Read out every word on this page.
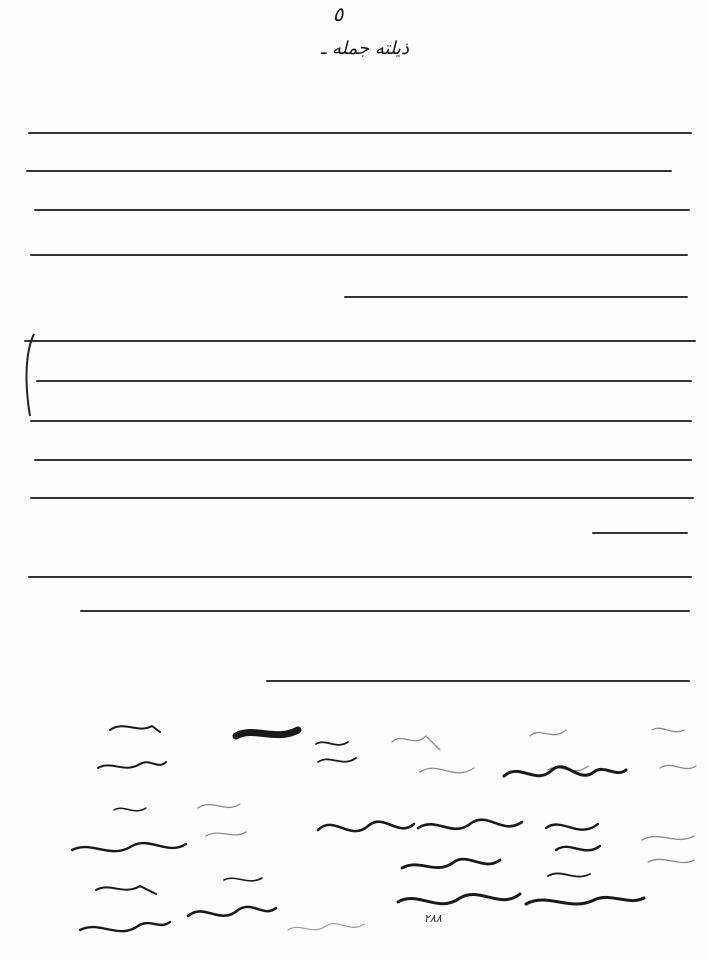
٥
ذیلته جمله ـ
٢٨٨
